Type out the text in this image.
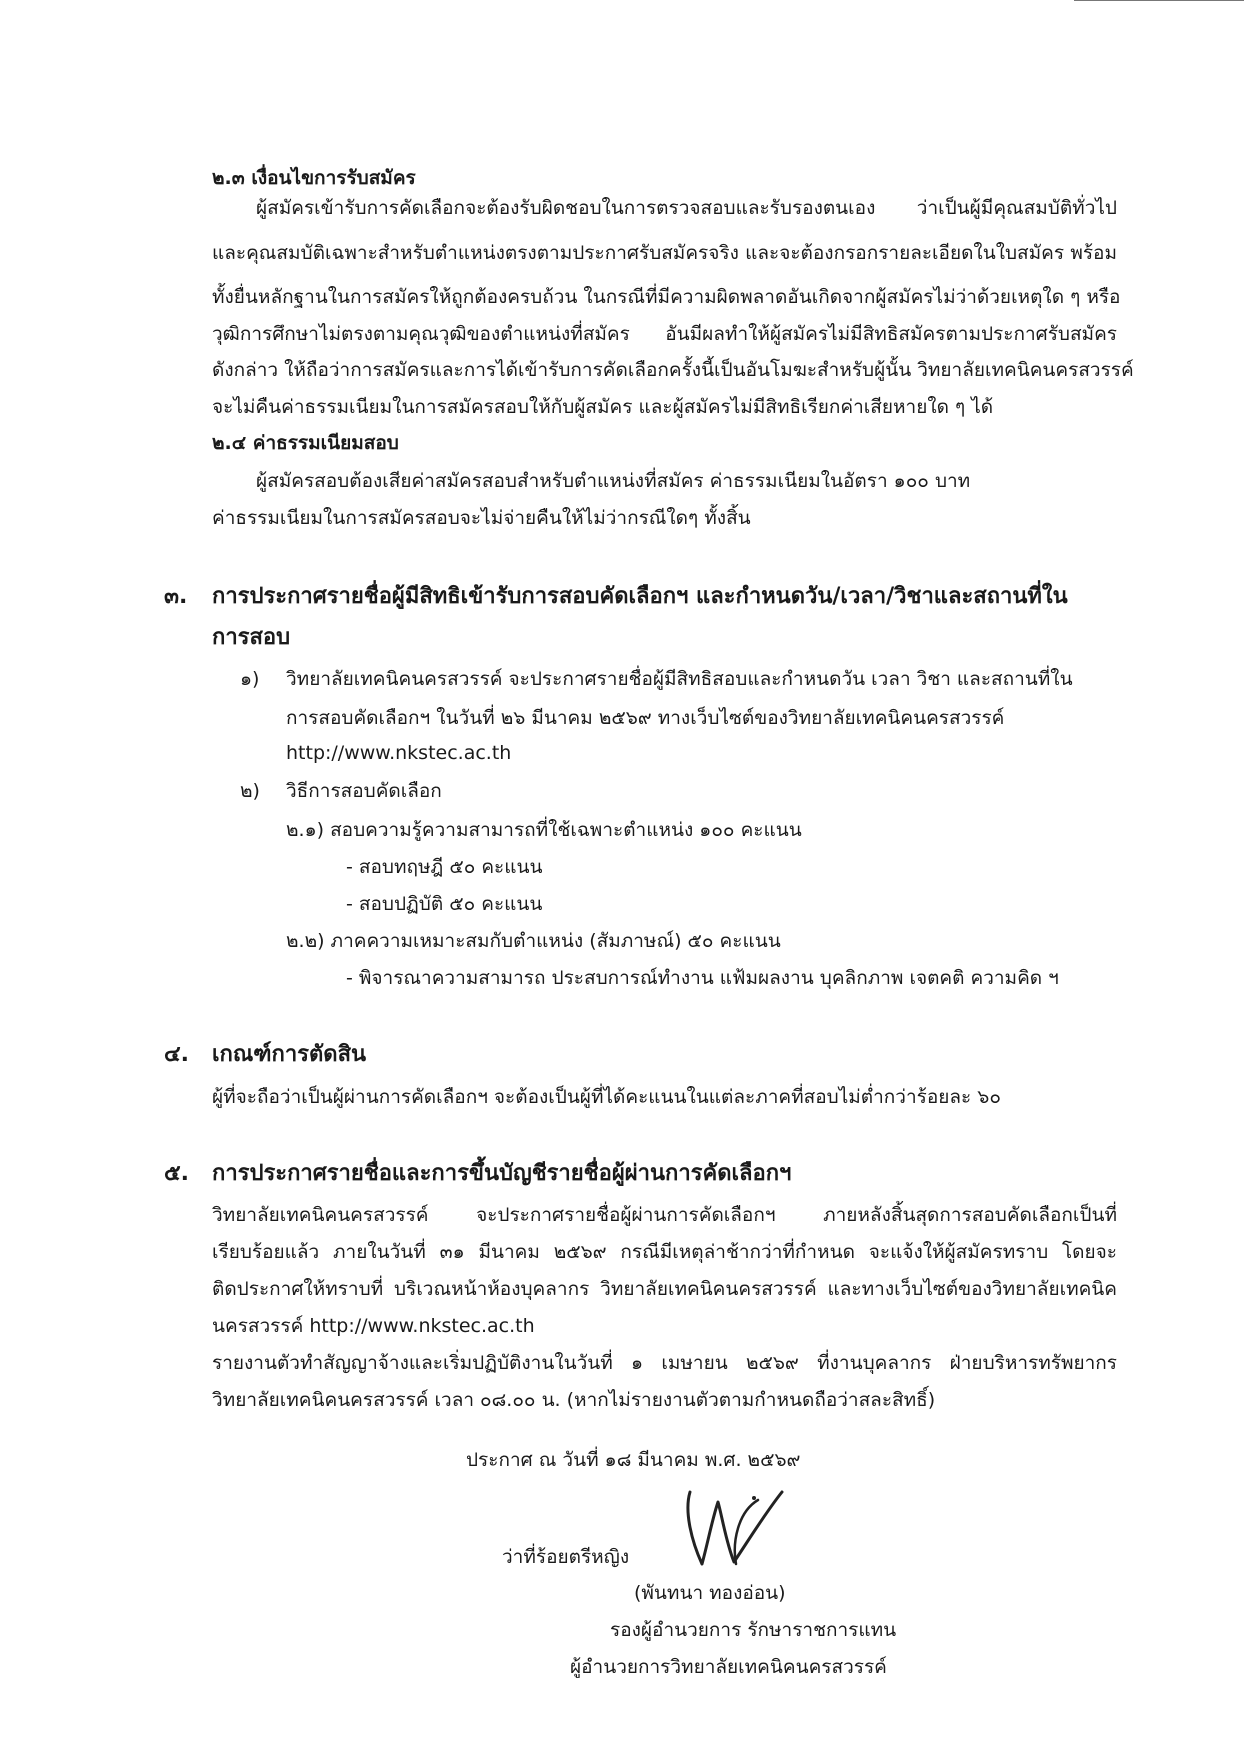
๒.๓ เงื่อนไขการรับสมัคร
ผู้สมัครเข้ารับการคัดเลือกจะต้องรับผิดชอบในการตรวจสอบและรับรองตนเอง ว่าเป็นผู้มีคุณสมบัติทั่วไป
และคุณสมบัติเฉพาะสำหรับตำแหน่งตรงตามประกาศรับสมัครจริง และจะต้องกรอกรายละเอียดในใบสมัคร พร้อม
ทั้งยื่นหลักฐานในการสมัครให้ถูกต้องครบถ้วน ในกรณีที่มีความผิดพลาดอันเกิดจากผู้สมัครไม่ว่าด้วยเหตุใด ๆ หรือ
วุฒิการศึกษาไม่ตรงตามคุณวุฒิของตำแหน่งที่สมัคร อันมีผลทำให้ผู้สมัครไม่มีสิทธิสมัครตามประกาศรับสมัคร
ดังกล่าว ให้ถือว่าการสมัครและการได้เข้ารับการคัดเลือกครั้งนี้เป็นอันโมฆะสำหรับผู้นั้น วิทยาลัยเทคนิคนครสวรรค์
จะไม่คืนค่าธรรมเนียมในการสมัครสอบให้กับผู้สมัคร และผู้สมัครไม่มีสิทธิเรียกค่าเสียหายใด ๆ ได้
๒.๔ ค่าธรรมเนียมสอบ
ผู้สมัครสอบต้องเสียค่าสมัครสอบสำหรับตำแหน่งที่สมัคร ค่าธรรมเนียมในอัตรา ๑๐๐ บาท
ค่าธรรมเนียมในการสมัครสอบจะไม่จ่ายคืนให้ไม่ว่ากรณีใดๆ ทั้งสิ้น
๓. การประกาศรายชื่อผู้มีสิทธิเข้ารับการสอบคัดเลือกฯ และกำหนดวัน/เวลา/วิชาและสถานที่ใน
การสอบ
๑) วิทยาลัยเทคนิคนครสวรรค์ จะประกาศรายชื่อผู้มีสิทธิสอบและกำหนดวัน เวลา วิชา และสถานที่ใน
การสอบคัดเลือกฯ ในวันที่ ๒๖ มีนาคม ๒๕๖๙ ทางเว็บไซต์ของวิทยาลัยเทคนิคนครสวรรค์
http://www.nkstec.ac.th
๒) วิธีการสอบคัดเลือก
๒.๑) สอบความรู้ความสามารถที่ใช้เฉพาะตำแหน่ง ๑๐๐ คะแนน
- สอบทฤษฎี ๕๐ คะแนน
- สอบปฏิบัติ ๕๐ คะแนน
๒.๒) ภาคความเหมาะสมกับตำแหน่ง (สัมภาษณ์) ๕๐ คะแนน
- พิจารณาความสามารถ ประสบการณ์ทำงาน แฟ้มผลงาน บุคลิกภาพ เจตคติ ความคิด ฯ
๔. เกณฑ์การตัดสิน
ผู้ที่จะถือว่าเป็นผู้ผ่านการคัดเลือกฯ จะต้องเป็นผู้ที่ได้คะแนนในแต่ละภาคที่สอบไม่ต่ำกว่าร้อยละ ๖๐
๕. การประกาศรายชื่อและการขึ้นบัญชีรายชื่อผู้ผ่านการคัดเลือกฯ
วิทยาลัยเทคนิคนครสวรรค์ จะประกาศรายชื่อผู้ผ่านการคัดเลือกฯ ภายหลังสิ้นสุดการสอบคัดเลือกเป็นที่
เรียบร้อยแล้ว ภายในวันที่ ๓๑ มีนาคม ๒๕๖๙ กรณีมีเหตุล่าช้ากว่าที่กำหนด จะแจ้งให้ผู้สมัครทราบ โดยจะ
ติดประกาศให้ทราบที่ บริเวณหน้าห้องบุคลากร วิทยาลัยเทคนิคนครสวรรค์ และทางเว็บไซต์ของวิทยาลัยเทคนิค
นครสวรรค์ http://www.nkstec.ac.th
รายงานตัวทำสัญญาจ้างและเริ่มปฏิบัติงานในวันที่ ๑ เมษายน ๒๕๖๙ ที่งานบุคลากร ฝ่ายบริหารทรัพยากร
วิทยาลัยเทคนิคนครสวรรค์ เวลา ๐๘.๐๐ น. (หากไม่รายงานตัวตามกำหนดถือว่าสละสิทธิ์)
ประกาศ ณ วันที่ ๑๘ มีนาคม พ.ศ. ๒๕๖๙
ว่าที่ร้อยตรีหญิง
(พันทนา ทองอ่อน)
รองผู้อำนวยการ รักษาราชการแทน
ผู้อำนวยการวิทยาลัยเทคนิคนครสวรรค์
